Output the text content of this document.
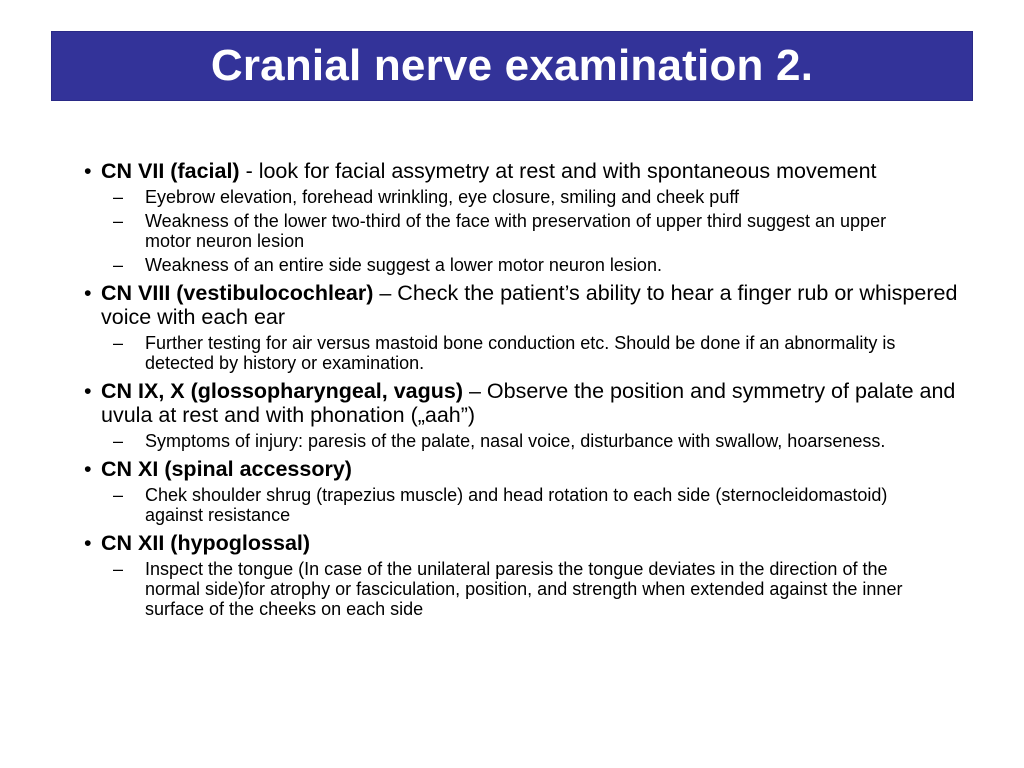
Cranial nerve examination 2.
• CN VII (facial) - look for facial assymetry at rest and with spontaneous movement
–	Eyebrow elevation, forehead wrinkling, eye closure, smiling and cheek puff
–	Weakness of the lower two-third of the face with preservation of upper third suggest an upper motor neuron lesion
–	Weakness of an entire side suggest a lower motor neuron lesion.
• CN VIII (vestibulocochlear) – Check the patient’s ability to hear a finger rub or whispered voice with each ear
–	Further testing for air versus mastoid bone conduction etc. Should be done if an abnormality is detected by history or examination.
• CN IX, X (glossopharyngeal, vagus) – Observe the position and symmetry of palate and uvula at rest and with phonation („aah”)
–	Symptoms of injury: paresis of the palate, nasal voice, disturbance with swallow, hoarseness.
• CN XI (spinal accessory)
–	Chek shoulder shrug (trapezius muscle) and head rotation to each side (sternocleidomastoid) against resistance
• CN XII (hypoglossal)
–	Inspect the tongue (In case of the unilateral paresis the tongue deviates in the direction of the normal side)for atrophy or fasciculation, position, and strength when extended against the inner surface of the cheeks on each side
